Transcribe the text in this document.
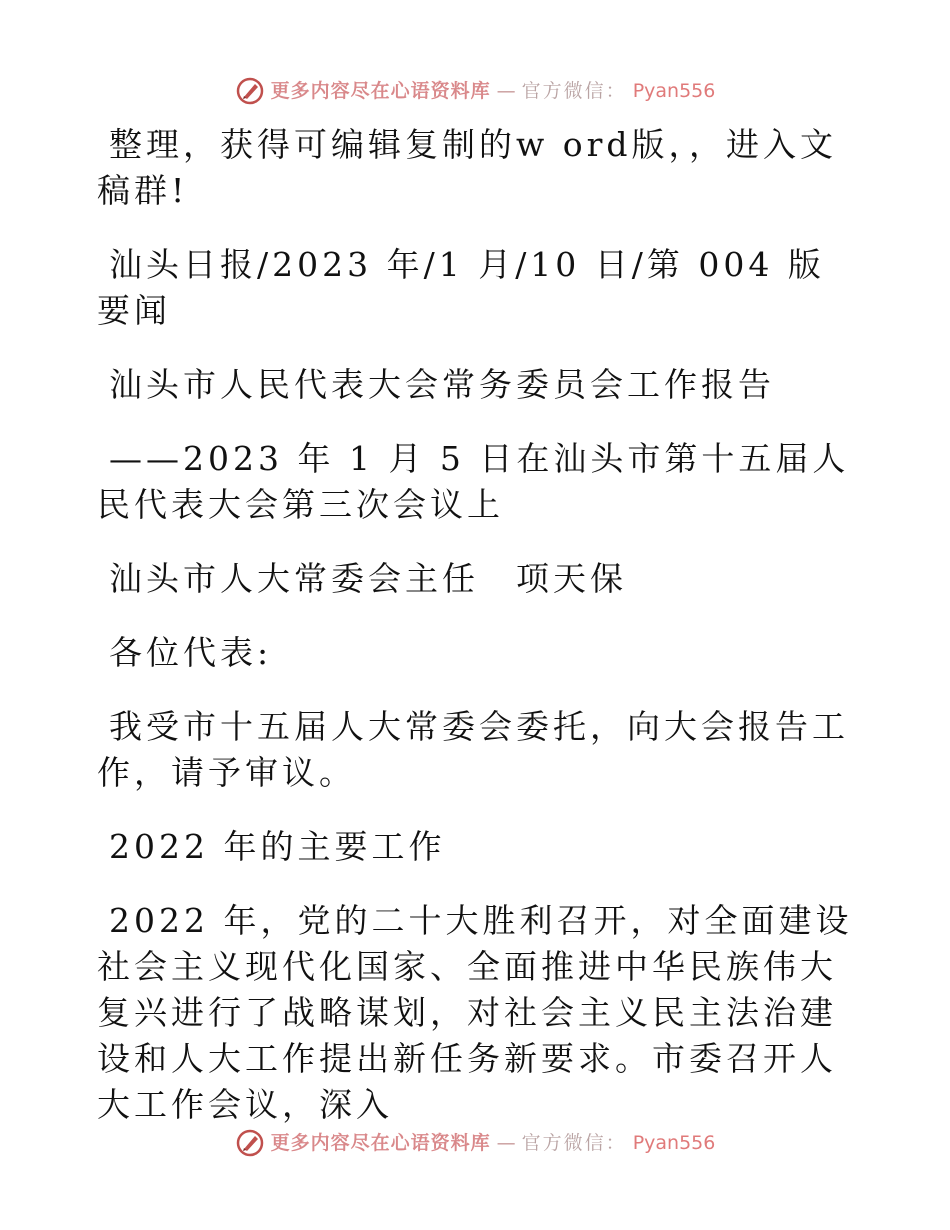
更多内容尽在心语资料库 — 官方微信： Pyan556

整理，获得可编辑复制的w ord版，，进入文稿群!

汕头日报/2023 年/1 月/10 日/第 004 版要闻

汕头市人民代表大会常务委员会工作报告

——2023 年 1 月 5 日在汕头市第十五届人民代表大会第三次会议上

汕头市人大常委会主任　项天保

各位代表:

我受市十五届人大常委会委托，向大会报告工作，请予审议。

2022 年的主要工作

2022 年，党的二十大胜利召开，对全面建设社会主义现代化国家、全面推进中华民族伟大复兴进行了战略谋划，对社会主义民主法治建设和人大工作提出新任务新要求。市委召开人大工作会议，深入

更多内容尽在心语资料库 — 官方微信： Pyan556
